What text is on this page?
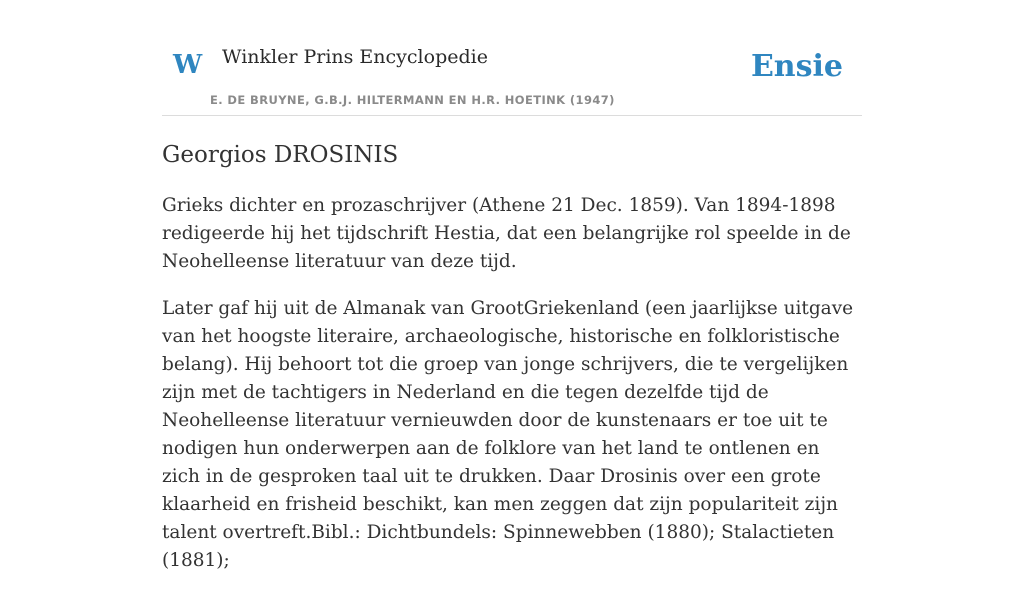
W Winkler Prins Encyclopedie
E. DE BRUYNE, G.B.J. HILTERMANN EN H.R. HOETINK (1947)
Ensie
Georgios DROSINIS

Grieks dichter en prozaschrijver (Athene 21 Dec. 1859). Van 1894-1898 redigeerde hij het tijdschrift Hestia, dat een belangrijke rol speelde in de Neohelleense literatuur van deze tijd.

Later gaf hij uit de Almanak van GrootGriekenland (een jaarlijkse uitgave van het hoogste literaire, archaeologische, historische en folkloristische belang). Hij behoort tot die groep van jonge schrijvers, die te vergelijken zijn met de tachtigers in Nederland en die tegen dezelfde tijd de Neohelleense literatuur vernieuwden door de kunstenaars er toe uit te nodigen hun onderwerpen aan de folklore van het land te ontlenen en zich in de gesproken taal uit te drukken. Daar Drosinis over een grote klaarheid en frisheid beschikt, kan men zeggen dat zijn populariteit zijn talent overtreft.Bibl.: Dichtbundels: Spinnewebben (1880); Stalactieten (1881);
